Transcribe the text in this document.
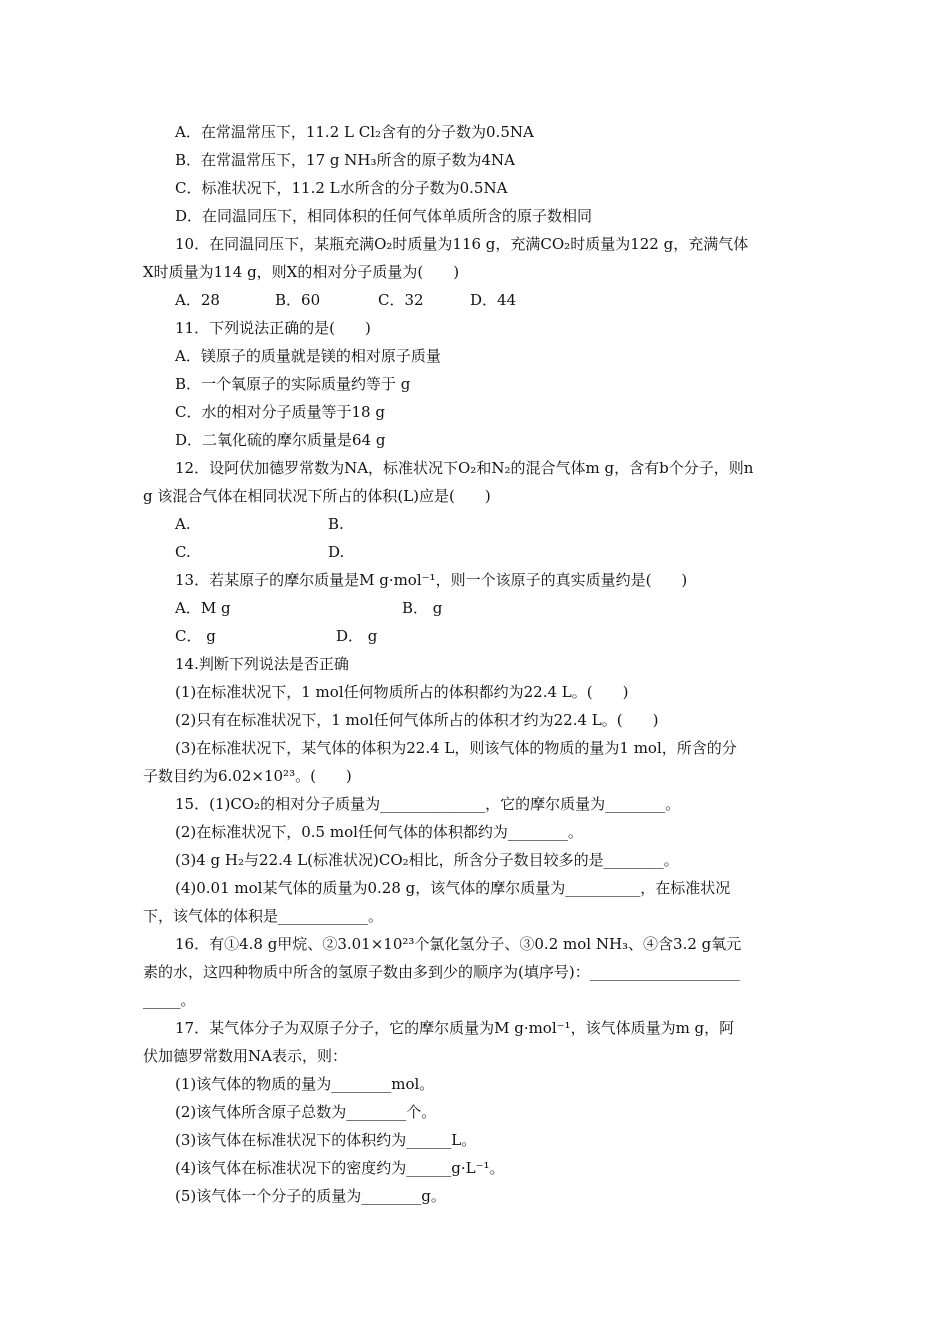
A．在常温常压下，11.2 L Cl₂含有的分子数为0.5NA
B．在常温常压下，17 g NH₃所含的原子数为4NA
C．标准状况下，11.2 L水所含的分子数为0.5NA
D．在同温同压下，相同体积的任何气体单质所含的原子数相同
10．在同温同压下，某瓶充满O₂时质量为116 g，充满CO₂时质量为122 g，充满气体
X时质量为114 g，则X的相对分子质量为(　　)
A．28	B．60	C．32	D．44
11．下列说法正确的是(　　)
A．镁原子的质量就是镁的相对原子质量
B．一个氧原子的实际质量约等于 g
C．水的相对分子质量等于18 g
D．二氧化硫的摩尔质量是64 g
12．设阿伏加德罗常数为NA，标准状况下O₂和N₂的混合气体m g，含有b个分子，则n
g 该混合气体在相同状况下所占的体积(L)应是(　　)
A.	B.
C.	D.
13．若某原子的摩尔质量是M g·mol⁻¹，则一个该原子的真实质量约是(　　)
A．M g	B． g
C． g	D． g
14.判断下列说法是否正确
(1)在标准状况下，1 mol任何物质所占的体积都约为22.4 L。(　　)
(2)只有在标准状况下，1 mol任何气体所占的体积才约为22.4 L。(　　)
(3)在标准状况下，某气体的体积为22.4 L，则该气体的物质的量为1 mol，所含的分
子数目约为6.02×10²³。(　　)
15．(1)CO₂的相对分子质量为______________，它的摩尔质量为________。
(2)在标准状况下，0.5 mol任何气体的体积都约为________。
(3)4 g H₂与22.4 L(标准状况)CO₂相比，所含分子数目较多的是________。
(4)0.01 mol某气体的质量为0.28 g，该气体的摩尔质量为__________，在标准状况
下，该气体的体积是____________。
16．有①4.8 g甲烷、②3.01×10²³个氯化氢分子、③0.2 mol NH₃、④含3.2 g氧元
素的水，这四种物质中所含的氢原子数由多到少的顺序为(填序号)：____________________
_____。
17．某气体分子为双原子分子，它的摩尔质量为M g·mol⁻¹，该气体质量为m g，阿
伏加德罗常数用NA表示，则：
(1)该气体的物质的量为________mol。
(2)该气体所含原子总数为________个。
(3)该气体在标准状况下的体积约为______L。
(4)该气体在标准状况下的密度约为______g·L⁻¹。
(5)该气体一个分子的质量为________g。
